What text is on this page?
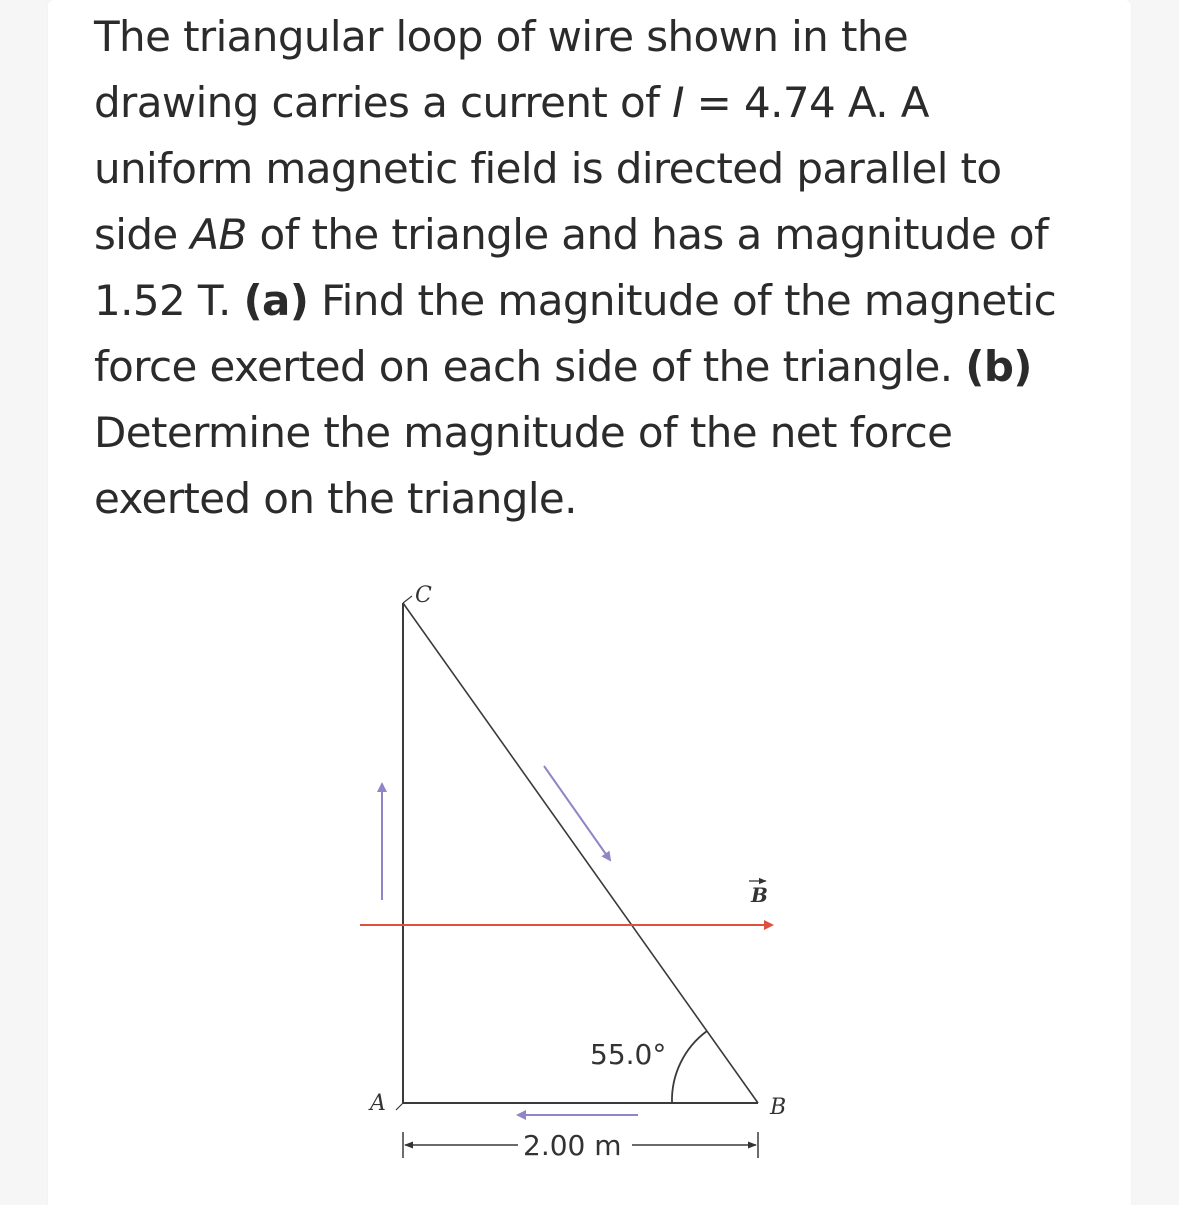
The triangular loop of wire shown in the drawing carries a current of I = 4.74 A. A uniform magnetic field is directed parallel to side AB of the triangle and has a magnitude of 1.52 T. (a) Find the magnitude of the magnetic force exerted on each side of the triangle. (b) Determine the magnitude of the net force exerted on the triangle.

B
55.0°
C
A	B
2.00 m
